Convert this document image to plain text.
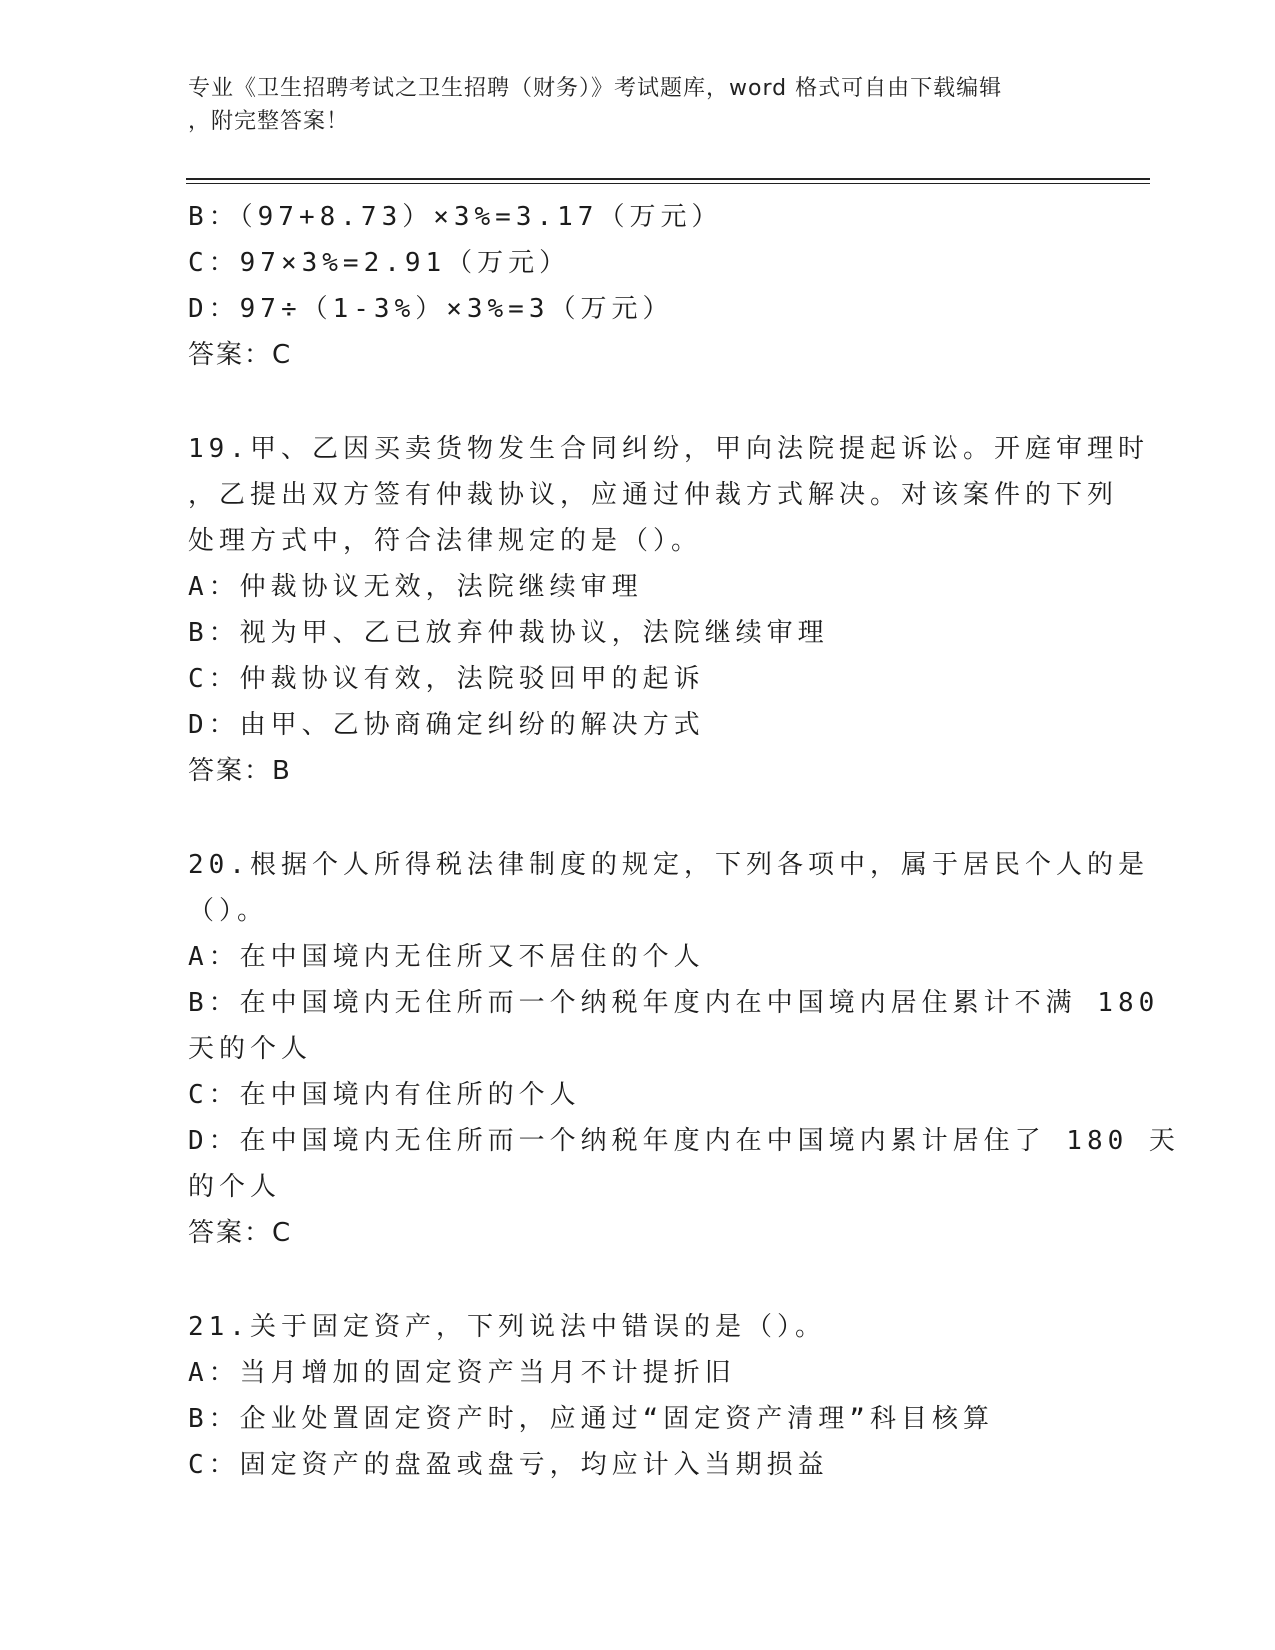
专业《卫生招聘考试之卫生招聘（财务）》考试题库，word 格式可自由下载编辑
，附完整答案！
B：（97+8.73）×3%=3.17（万元）
C：97×3%=2.91（万元）
D：97÷（1-3%）×3%=3（万元）
答案：C
19.甲、乙因买卖货物发生合同纠纷，甲向法院提起诉讼。开庭审理时
，乙提出双方签有仲裁协议，应通过仲裁方式解决。对该案件的下列
处理方式中，符合法律规定的是（）。
A：仲裁协议无效，法院继续审理
B：视为甲、乙已放弃仲裁协议，法院继续审理
C：仲裁协议有效，法院驳回甲的起诉
D：由甲、乙协商确定纠纷的解决方式
答案：B
20.根据个人所得税法律制度的规定，下列各项中，属于居民个人的是
（）。
A：在中国境内无住所又不居住的个人
B：在中国境内无住所而一个纳税年度内在中国境内居住累计不满 180
天的个人
C：在中国境内有住所的个人
D：在中国境内无住所而一个纳税年度内在中国境内累计居住了 180 天
的个人
答案：C
21.关于固定资产，下列说法中错误的是（）。
A：当月增加的固定资产当月不计提折旧
B：企业处置固定资产时，应通过“固定资产清理”科目核算
C：固定资产的盘盈或盘亏，均应计入当期损益
